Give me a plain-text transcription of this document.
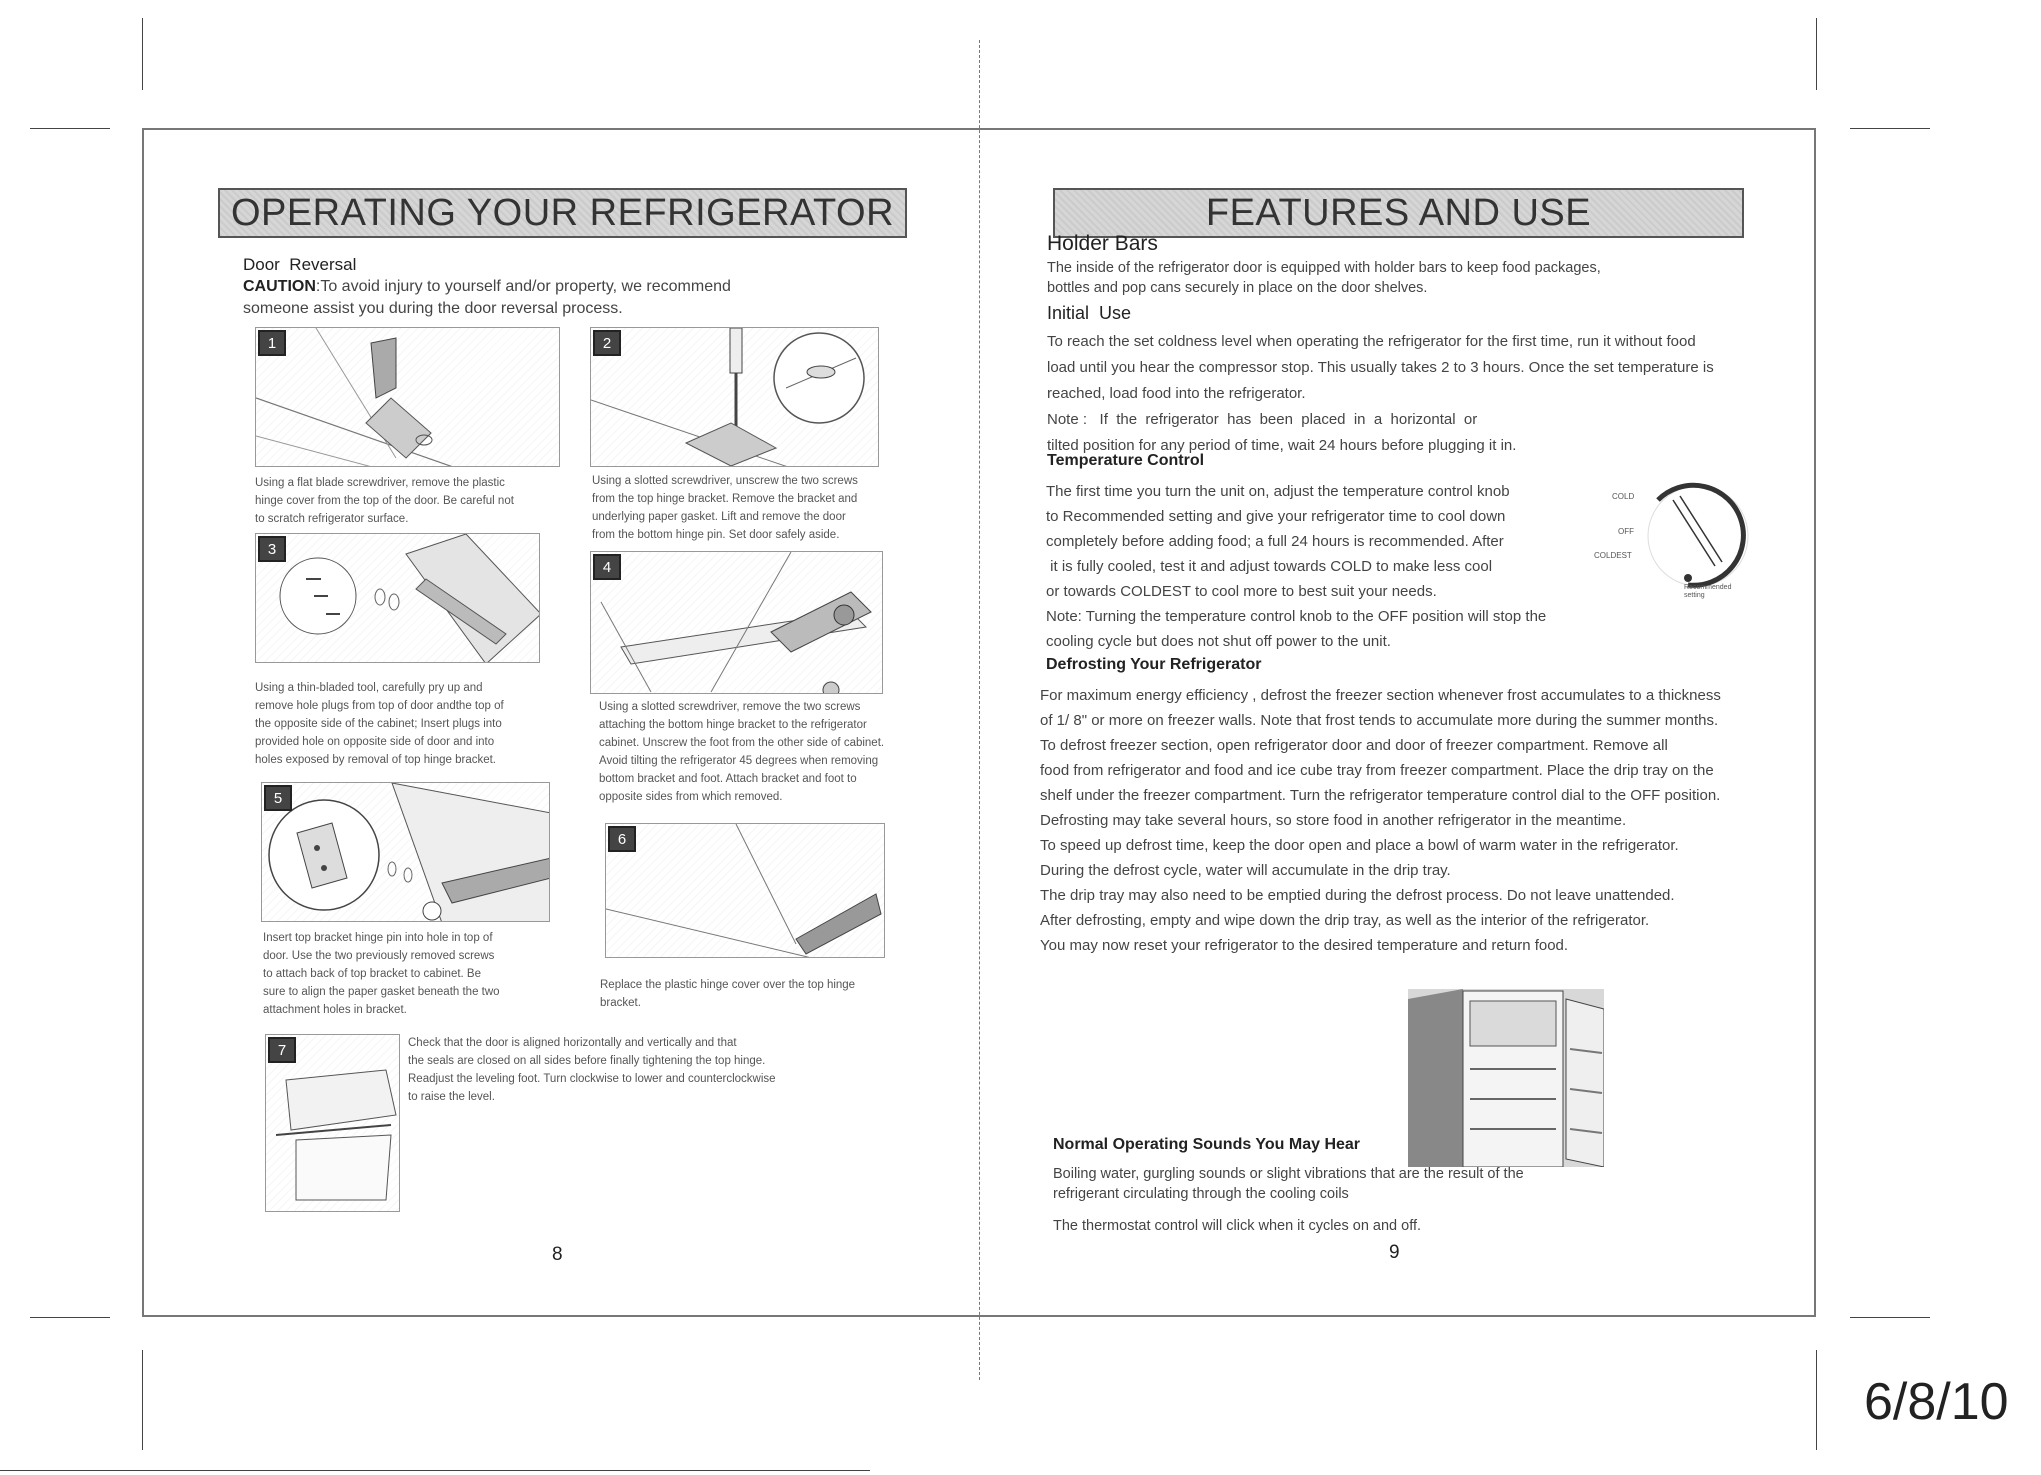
6/8/10
OPERATING YOUR REFRIGERATOR
Door  Reversal
CAUTION:To avoid injury to yourself and/or property, we recommend
someone assist you during the door reversal process.
1
Using a flat blade screwdriver, remove the plastic
hinge cover from the top of the door. Be careful not
to scratch refrigerator surface.
2
Using a slotted screwdriver, unscrew the two screws
from the top hinge bracket. Remove the bracket and
underlying paper gasket. Lift and remove the door
from the bottom hinge pin. Set door safely aside.
3
Using a thin-bladed tool, carefully pry up and
remove hole plugs from top of door andthe top of
the opposite side of the cabinet; Insert plugs into
provided hole on opposite side of door and into
holes exposed by removal of top hinge bracket.
4
Using a slotted screwdriver, remove the two screws
attaching the bottom hinge bracket to the refrigerator
cabinet. Unscrew the foot from the other side of cabinet.
Avoid tilting the refrigerator 45 degrees when removing
bottom bracket and foot. Attach bracket and foot to
opposite sides from which removed.
5
Insert top bracket hinge pin into hole in top of
door. Use the two previously removed screws
to attach back of top bracket to cabinet. Be
sure to align the paper gasket beneath the two
attachment holes in bracket.
6
Replace the plastic hinge cover over the top hinge
bracket.
7	Check that the door is aligned horizontally and vertically and that
the seals are closed on all sides before finally tightening the top hinge.
Readjust the leveling foot. Turn clockwise to lower and counterclockwise
to raise the level.
8
FEATURES AND USE
Holder Bars
The inside of the refrigerator door is equipped with holder bars to keep food packages,
bottles and pop cans securely in place on the door shelves.
Initial  Use
To reach the set coldness level when operating the refrigerator for the first time, run it without food
load until you hear the compressor stop. This usually takes 2 to 3 hours. Once the set temperature is
reached, load food into the refrigerator.
Note :   If  the  refrigerator  has  been  placed  in  a  horizontal  or
tilted position for any period of time, wait 24 hours before plugging it in.
Temperature Control
The first time you turn the unit on, adjust the temperature control knob
to Recommended setting and give your refrigerator time to cool down
completely before adding food; a full 24 hours is recommended. After
it is fully cooled, test it and adjust towards COLD to make less cool
or towards COLDEST to cool more to best suit your needs.
Note: Turning the temperature control knob to the OFF position will stop the
cooling cycle but does not shut off power to the unit.
COLD
OFF
COLDEST
Recommended
setting
Defrosting Your Refrigerator
For maximum energy efficiency , defrost the freezer section whenever frost accumulates to a thickness
of 1/ 8" or more on freezer walls. Note that frost tends to accumulate more during the summer months.
To defrost freezer section, open refrigerator door and door of freezer compartment. Remove all
food from refrigerator and food and ice cube tray from freezer compartment. Place the drip tray on the
shelf under the freezer compartment. Turn the refrigerator temperature control dial to the OFF position.
Defrosting may take several hours, so store food in another refrigerator in the meantime.
To speed up defrost time, keep the door open and place a bowl of warm water in the refrigerator.
During the defrost cycle, water will accumulate in the drip tray.
The drip tray may also need to be emptied during the defrost process. Do not leave unattended.
After defrosting, empty and wipe down the drip tray, as well as the interior of the refrigerator.
You may now reset your refrigerator to the desired temperature and return food.
Normal Operating Sounds You May Hear
Boiling water, gurgling sounds or slight vibrations that are the result of the
refrigerant circulating through the cooling coils
The thermostat control will click when it cycles on and off.
9
